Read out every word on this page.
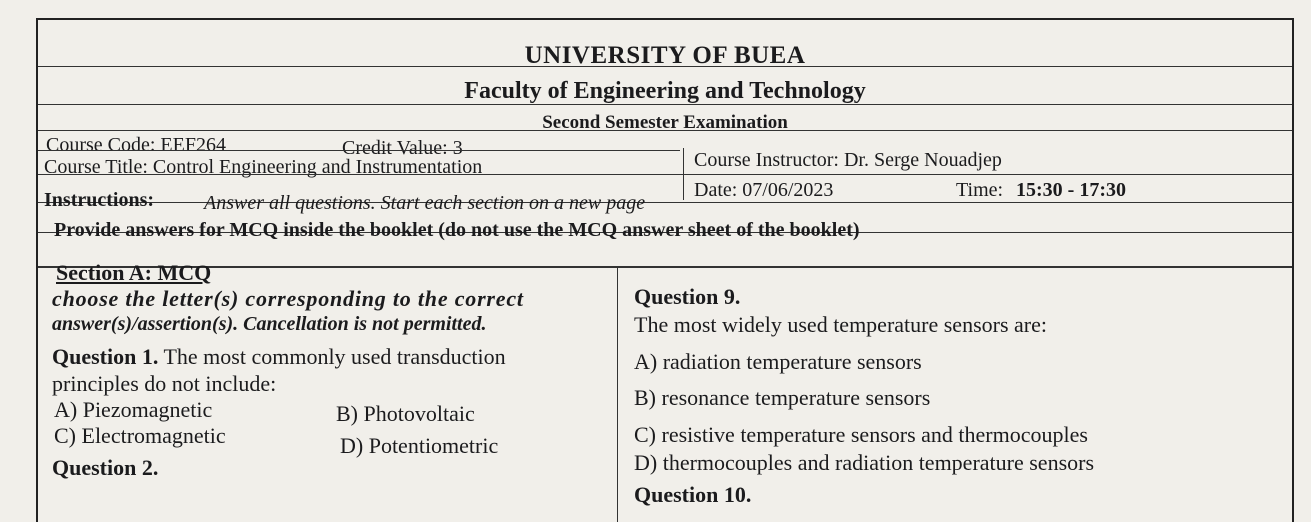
UNIVERSITY OF BUEA
Faculty of Engineering and Technology
Second Semester Examination
Course Code: EEF264	Credit Value: 3
Course Instructor: Dr. Serge Nouadjep
Course Title: Control Engineering and Instrumentation
Date: 07/06/2023	Time: 15:30 - 17:30
Instructions: Answer all questions. Start each section on a new page
Provide answers for MCQ inside the booklet (do not use the MCQ answer sheet of the booklet)
Section A: MCQ
choose the letter(s) corresponding to the correct
answer(s)/assertion(s). Cancellation is not permitted.
Question 1. The most commonly used transduction
principles do not include:
A) Piezomagnetic	B) Photovoltaic
C) Electromagnetic	D) Potentiometric
Question 2.
Question 9.
The most widely used temperature sensors are:
A) radiation temperature sensors
B) resonance temperature sensors
C) resistive temperature sensors and thermocouples
D) thermocouples and radiation temperature sensors
Question 10.
